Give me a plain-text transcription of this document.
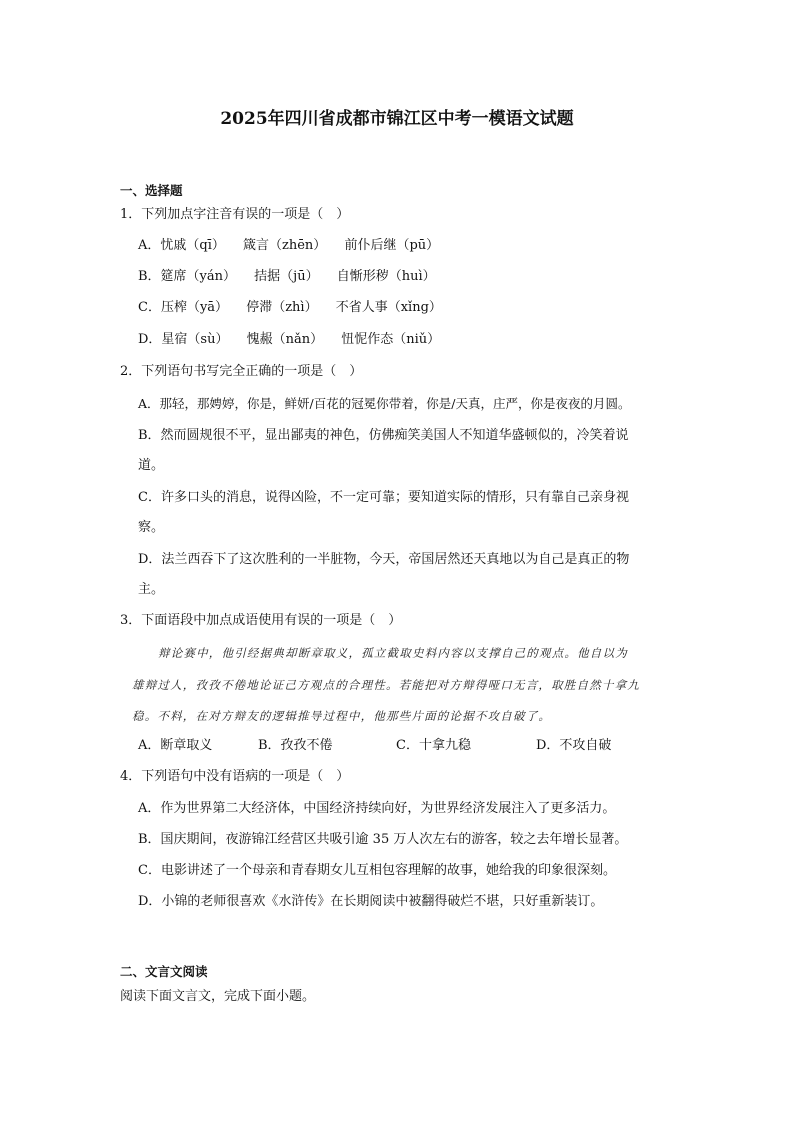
2025年四川省成都市锦江区中考一模语文试题
一、选择题
1．下列加点字注音有误的一项是（　）
A．忧戚（qī） 箴言（zhēn） 前仆后继（pū）
B．筵席（yán） 拮据（jū） 自惭形秽（huì）
C．压榨（yā） 停滞（zhì） 不省人事（xǐng）
D．星宿（sù） 愧赧（nǎn） 忸怩作态（niǔ）
2．下列语句书写完全正确的一项是（　）
A．那轻，那娉婷，你是，鲜妍/百花的冠冕你带着，你是/天真，庄严，你是夜夜的月圆。
B．然而圆规很不平，显出鄙夷的神色，仿佛痴笑美国人不知道华盛顿似的，冷笑着说
道。
C．许多口头的消息，说得凶险，不一定可靠；要知道实际的情形，只有靠自己亲身视
察。
D．法兰西吞下了这次胜利的一半脏物，今天，帝国居然还天真地以为自己是真正的物
主。
3．下面语段中加点成语使用有误的一项是（　）
辩论赛中，他引经据典却断章取义，孤立截取史料内容以支撑自己的观点。他自以为
雄辩过人，孜孜不倦地论证己方观点的合理性。若能把对方辩得哑口无言，取胜自然十拿九
稳。不料，在对方辩友的逻辑推导过程中，他那些片面的论据不攻自破了。
A．断章取义	B．孜孜不倦	C．十拿九稳	D．不攻自破
4．下列语句中没有语病的一项是（　）
A．作为世界第二大经济体，中国经济持续向好，为世界经济发展注入了更多活力。
B．国庆期间，夜游锦江经营区共吸引逾 35 万人次左右的游客，较之去年增长显著。
C．电影讲述了一个母亲和青春期女儿互相包容理解的故事，她给我的印象很深刻。
D．小锦的老师很喜欢《水浒传》在长期阅读中被翻得破烂不堪，只好重新装订。
二、文言文阅读
阅读下面文言文，完成下面小题。
